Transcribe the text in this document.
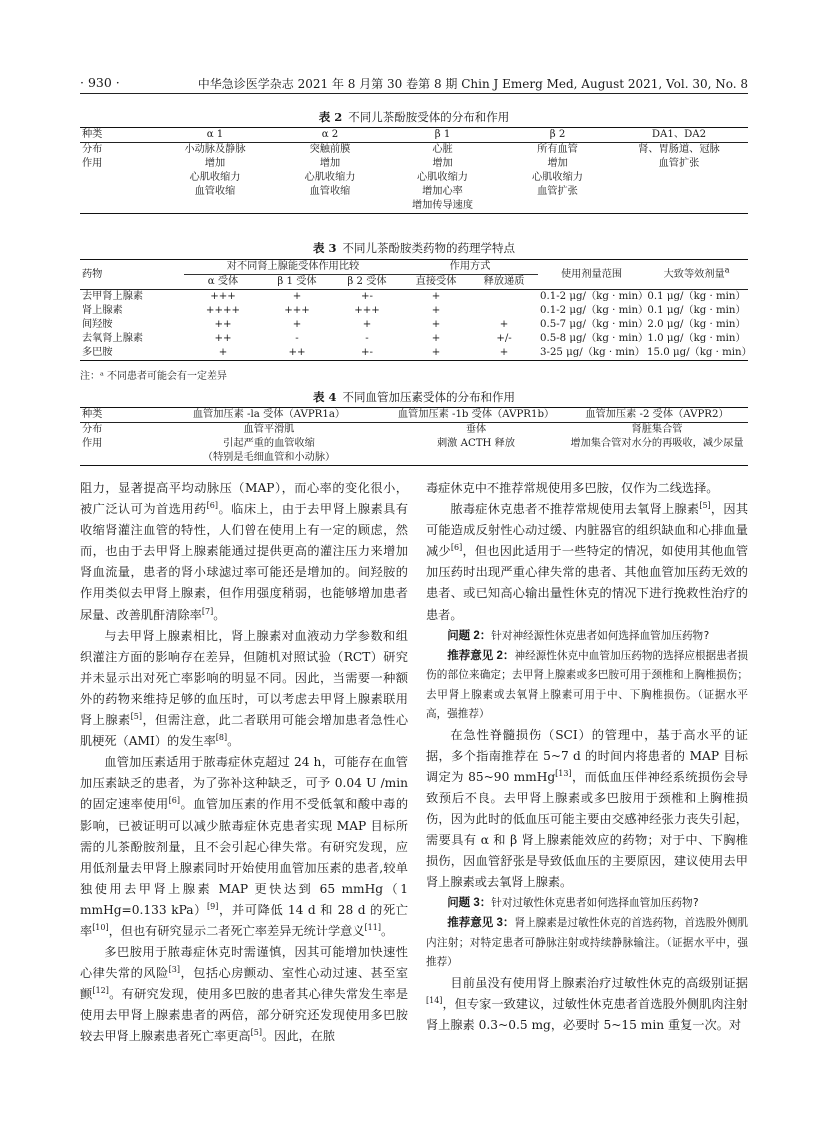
· 930 ·	中华急诊医学杂志 2021 年 8 月第 30 卷第 8 期 Chin J Emerg Med, August 2021, Vol. 30, No. 8
表 2 不同儿茶酚胺受体的分布和作用
种类	α 1	α 2	β 1	β 2	DA1、DA2
分布	小动脉及静脉	突触前膜	心脏	所有血管	肾、胃肠道、冠脉
作用	增加	增加	增加	增加	血管扩张
	心肌收缩力	心肌收缩力	心肌收缩力	心肌收缩力	
	血管收缩	血管收缩	增加心率	血管扩张	
			增加传导速度		
表 3 不同儿茶酚胺类药物的药理学特点
药物	对不同肾上腺能受体作用比较			作用方式		使用剂量范围	大致等效剂量$^a$
	α 受体	β 1 受体	β 2 受体	直接受体	释放递质		
去甲肾上腺素	+++	+	+-	+		0.1-2 μg/（kg · min）	0.1 μg/（kg · min）
肾上腺素	++++	+++	+++	+		0.1-2 μg/（kg · min）	0.1 μg/（kg · min）
间羟胺	++	+	+	+	+	0.5-7 μg/（kg · min）	2.0 μg/（kg · min）
去氧肾上腺素	++	-	-	+	+/-	0.5-8 μg/（kg · min）	1.0 μg/（kg · min）
多巴胺	+	++	+-	+	+	3-25 μg/（kg · min）	15.0 μg/（kg · min）
注：ᵃ 不同患者可能会有一定差异
表 4 不同血管加压素受体的分布和作用
种类	血管加压素 -la 受体（AVPR1a）	血管加压素 -1b 受体（AVPR1b）	血管加压素 -2 受体（AVPR2）
分布	血管平滑肌	垂体	肾脏集合管
作用	引起严重的血管收缩	刺激 ACTH 释放	增加集合管对水分的再吸收，减少尿量
	（特别是毛细血管和小动脉）		

阻力，显著提高平均动脉压（MAP），而心率的变化很小，被广泛认可为首选用药[6]。临床上，由于去甲肾上腺素具有收缩肾灌注血管的特性，人们曾在使用上有一定的顾虑，然而，也由于去甲肾上腺素能通过提供更高的灌注压力来增加肾血流量，患者的肾小球滤过率可能还是增加的。间羟胺的作用类似去甲肾上腺素，但作用强度稍弱，也能够增加患者尿量、改善肌酐清除率[7]。

与去甲肾上腺素相比，肾上腺素对血液动力学参数和组织灌注方面的影响存在差异，但随机对照试验（RCT）研究并未显示出对死亡率影响的明显不同。因此，当需要一种额外的药物来维持足够的血压时，可以考虑去甲肾上腺素联用肾上腺素[5]，但需注意，此二者联用可能会增加患者急性心肌梗死（AMI）的发生率[8]。

血管加压素适用于脓毒症休克超过 24 h，可能存在血管加压素缺乏的患者，为了弥补这种缺乏，可予 0.04 U /min 的固定速率使用[6]。血管加压素的作用不受低氧和酸中毒的影响，已被证明可以减少脓毒症休克患者实现 MAP 目标所需的儿茶酚胺剂量，且不会引起心律失常。有研究发现，应用低剂量去甲肾上腺素同时开始使用血管加压素的患者,较单独使用去甲肾上腺素 MAP 更快达到 65 mmHg（1 mmHg=0.133 kPa）[9]，并可降低 14 d 和 28 d 的死亡率[10]，但也有研究显示二者死亡率差异无统计学意义[11]。

多巴胺用于脓毒症休克时需谨慎，因其可能增加快速性心律失常的风险[3]，包括心房颤动、室性心动过速、甚至室颤[12]。有研究发现，使用多巴胺的患者其心律失常发生率是使用去甲肾上腺素患者的两倍，部分研究还发现使用多巴胺较去甲肾上腺素患者死亡率更高[5]。因此，在脓

毒症休克中不推荐常规使用多巴胺，仅作为二线选择。

脓毒症休克患者不推荐常规使用去氧肾上腺素[5]，因其可能造成反射性心动过缓、内脏器官的组织缺血和心排血量减少[6]，但也因此适用于一些特定的情况，如使用其他血管加压药时出现严重心律失常的患者、其他血管加压药无效的患者、或已知高心输出量性休克的情况下进行挽救性治疗的患者。

问题 2：针对神经源性休克患者如何选择血管加压药物?

推荐意见 2：神经源性休克中血管加压药物的选择应根据患者损伤的部位来确定；去甲肾上腺素或多巴胺可用于颈椎和上胸椎损伤；去甲肾上腺素或去氧肾上腺素可用于中、下胸椎损伤。（证据水平高，强推荐）

在急性脊髓损伤（SCI）的管理中，基于高水平的证据，多个指南推荐在 5~7 d 的时间内将患者的 MAP 目标调定为 85~90 mmHg[13]，而低血压伴神经系统损伤会导致预后不良。去甲肾上腺素或多巴胺用于颈椎和上胸椎损伤，因为此时的低血压可能主要由交感神经张力丧失引起，需要具有 α 和 β 肾上腺素能效应的药物；对于中、下胸椎损伤，因血管舒张是导致低血压的主要原因，建议使用去甲肾上腺素或去氧肾上腺素。

问题 3：针对过敏性休克患者如何选择血管加压药物?

推荐意见 3：肾上腺素是过敏性休克的首选药物，首选股外侧肌内注射；对特定患者可静脉注射或持续静脉输注。（证据水平中，强推荐）

目前虽没有使用肾上腺素治疗过敏性休克的高级别证据[14]，但专家一致建议，过敏性休克患者首选股外侧肌肉注射肾上腺素 0.3~0.5 mg，必要时 5~15 min 重复一次。对
